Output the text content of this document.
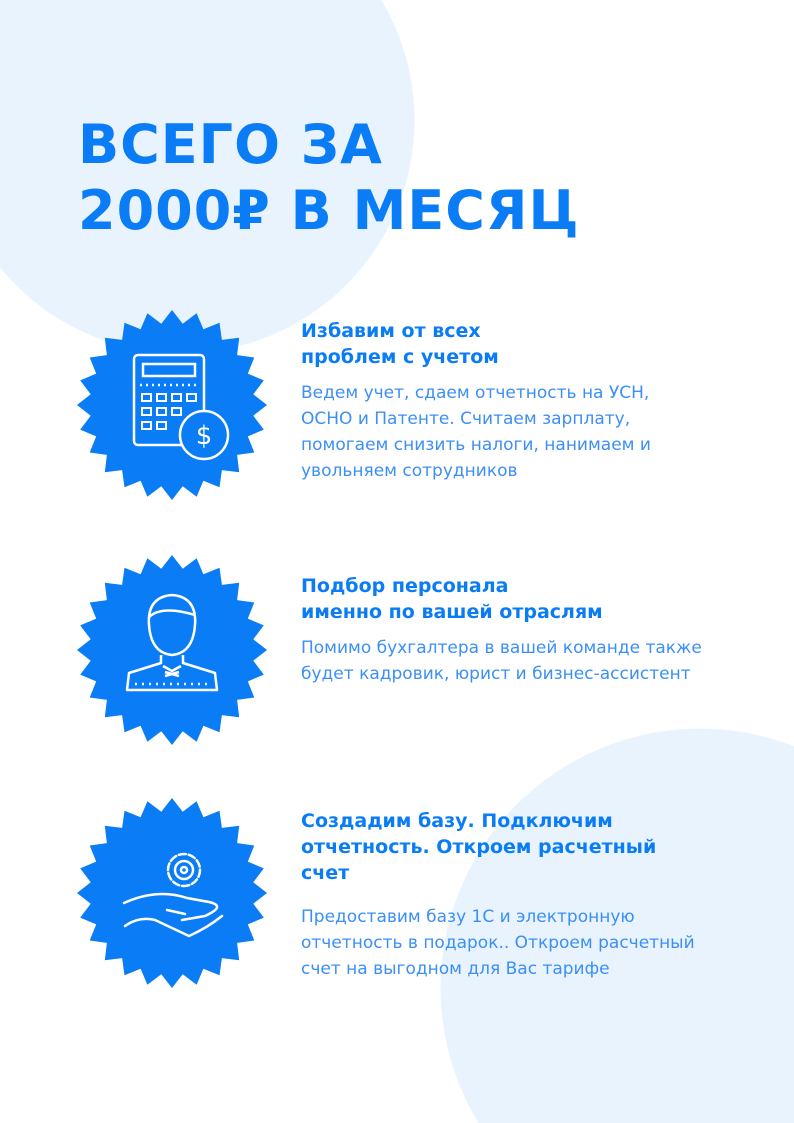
ВСЕГО ЗА
2000₽ В МЕСЯЦ
$
Избавим от всех
проблем с учетом

Ведем учет, сдаем отчетность на УСН, ОСНО и Патенте. Считаем зарплату, помогаем снизить налоги, нанимаем и увольняем сотрудников

Подбор персонала
именно по вашей отраслям

Помимо бухгалтера в вашей команде также будет кадровик, юрист и бизнес-ассистент

Создадим базу. Подключим
отчетность. Откроем расчетный счет

Предоставим базу 1С и электронную отчетность в подарок.. Откроем расчетный счет на выгодном для Вас тарифе
